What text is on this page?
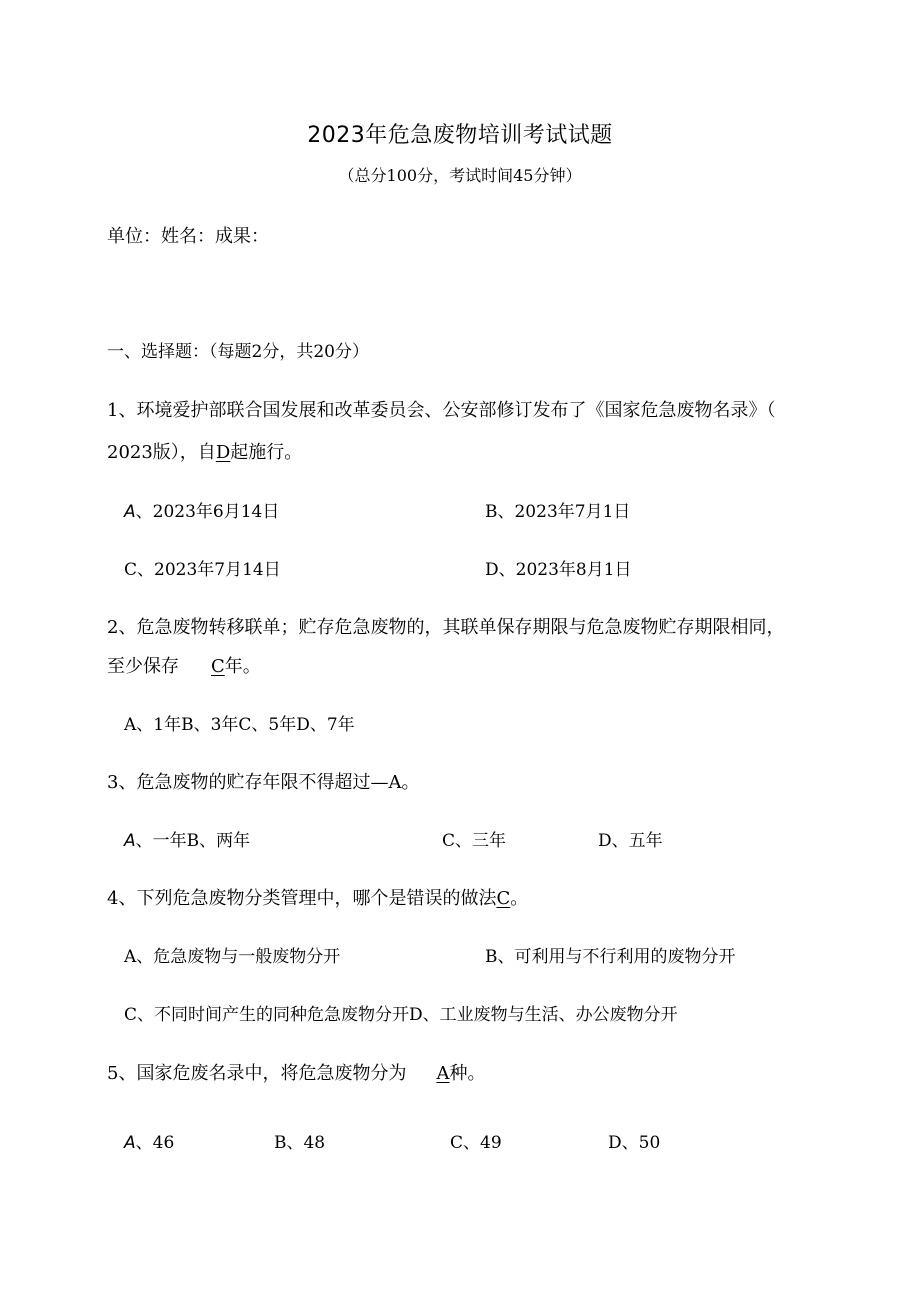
2023年危急废物培训考试试题
（总分100分，考试时间45分钟）
单位：姓名：成果：
一、选择题：（每题2分，共20分）
1、环境爱护部联合国发展和改革委员会、公安部修订发布了《国家危急废物名录》（
2023版），自D起施行。
A、2023年6月14日	B、2023年7月1日
C、2023年7月14日	D、2023年8月1日
2、危急废物转移联单；贮存危急废物的，其联单保存期限与危急废物贮存期限相同，
至少保存 C年。
A、1年B、3年C、5年D、7年
3、危急废物的贮存年限不得超过—A。
A、一年B、两年	C、三年	D、五年
4、下列危急废物分类管理中，哪个是错误的做法C。
A、危急废物与一般废物分开	B、可利用与不行利用的废物分开
C、不同时间产生的同种危急废物分开D、工业废物与生活、办公废物分开
5、国家危废名录中，将危急废物分为 A种。
A、46	B、48	C、49	D、50
